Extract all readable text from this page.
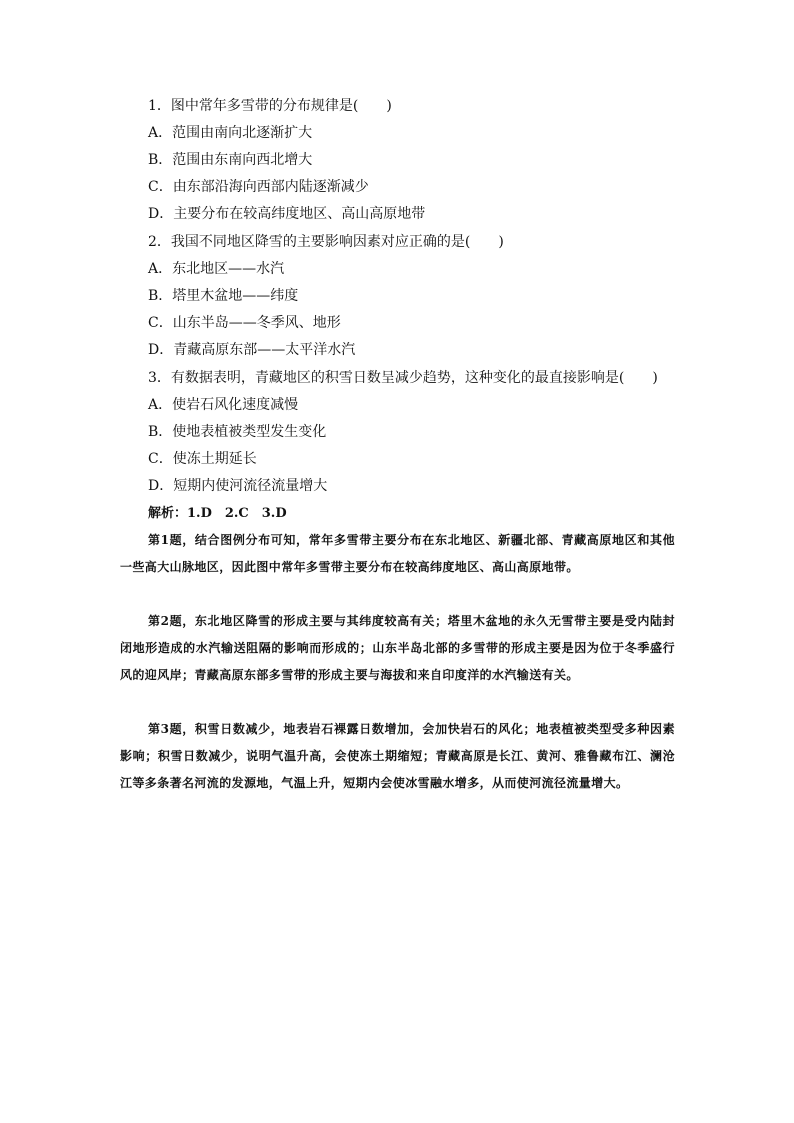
1．图中常年多雪带的分布规律是(　　)
A．范围由南向北逐渐扩大
B．范围由东南向西北增大
C．由东部沿海向西部内陆逐渐减少
D．主要分布在较高纬度地区、高山高原地带
2．我国不同地区降雪的主要影响因素对应正确的是(　　)
A．东北地区——水汽
B．塔里木盆地——纬度
C．山东半岛——冬季风、地形
D．青藏高原东部——太平洋水汽
3．有数据表明，青藏地区的积雪日数呈减少趋势，这种变化的最直接影响是(　　)
A．使岩石风化速度减慢
B．使地表植被类型发生变化
C．使冻土期延长
D．短期内使河流径流量增大
解析：1.D　2.C　3.D
第1题，结合图例分布可知，常年多雪带主要分布在东北地区、新疆北部、青藏高原地区和其他一些高大山脉地区，因此图中常年多雪带主要分布在较高纬度地区、高山高原地带。
第2题，东北地区降雪的形成主要与其纬度较高有关；塔里木盆地的永久无雪带主要是受内陆封闭地形造成的水汽输送阻隔的影响而形成的；山东半岛北部的多雪带的形成主要是因为位于冬季盛行风的迎风岸；青藏高原东部多雪带的形成主要与海拔和来自印度洋的水汽输送有关。
第3题，积雪日数减少，地表岩石裸露日数增加，会加快岩石的风化；地表植被类型受多种因素影响；积雪日数减少，说明气温升高，会使冻土期缩短；青藏高原是长江、黄河、雅鲁藏布江、澜沧江等多条著名河流的发源地，气温上升，短期内会使冰雪融水增多，从而使河流径流量增大。
